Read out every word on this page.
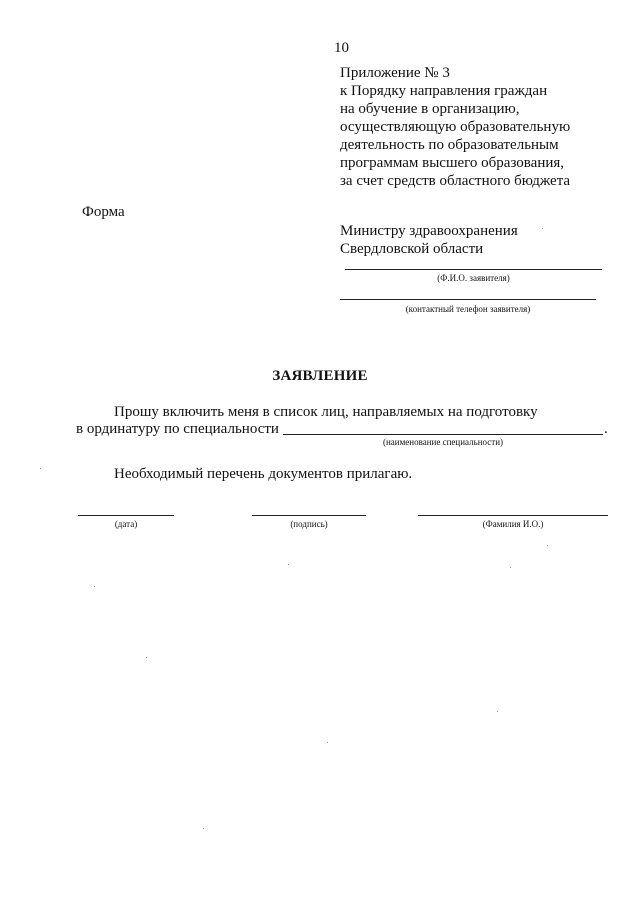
10
Приложение № 3
к Порядку направления граждан
на обучение в организацию,
осуществляющую образовательную
деятельность по образовательным
программам высшего образования,
за счет средств областного бюджета
Форма
Министру здравоохранения
Свердловской области
(Ф.И.О. заявителя)
(контактный телефон заявителя)
ЗАЯВЛЕНИЕ
Прошу включить меня в список лиц, направляемых на подготовку
в ординатуру по специальности	.
(наименование специальности)
Необходимый перечень документов прилагаю.
(дата)	(подпись)	(Фамилия И.О.)
